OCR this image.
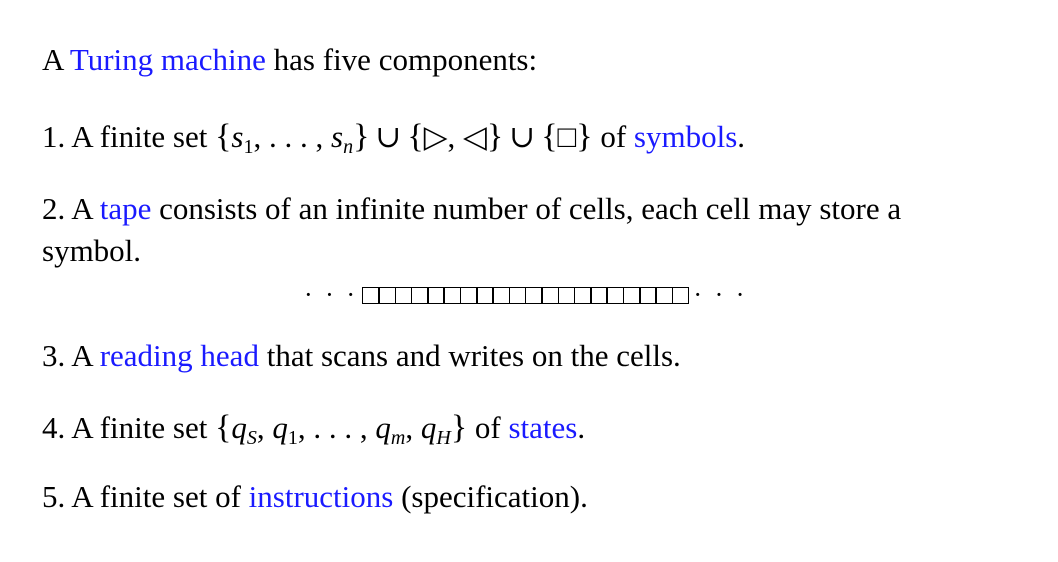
A Turing machine has five components:
1. A finite set {s1, . . . , $s_n$} ∪ {▷, ◁} ∪ {□} of symbols.
2. A tape consists of an infinite number of cells, each cell may store a
symbol.
· · ·	· · ·
3. A reading head that scans and writes on the cells.
4. A finite set {$q_S$, q1, . . . , $q_m$, $q_H$} of states.
5. A finite set of instructions (specification).
